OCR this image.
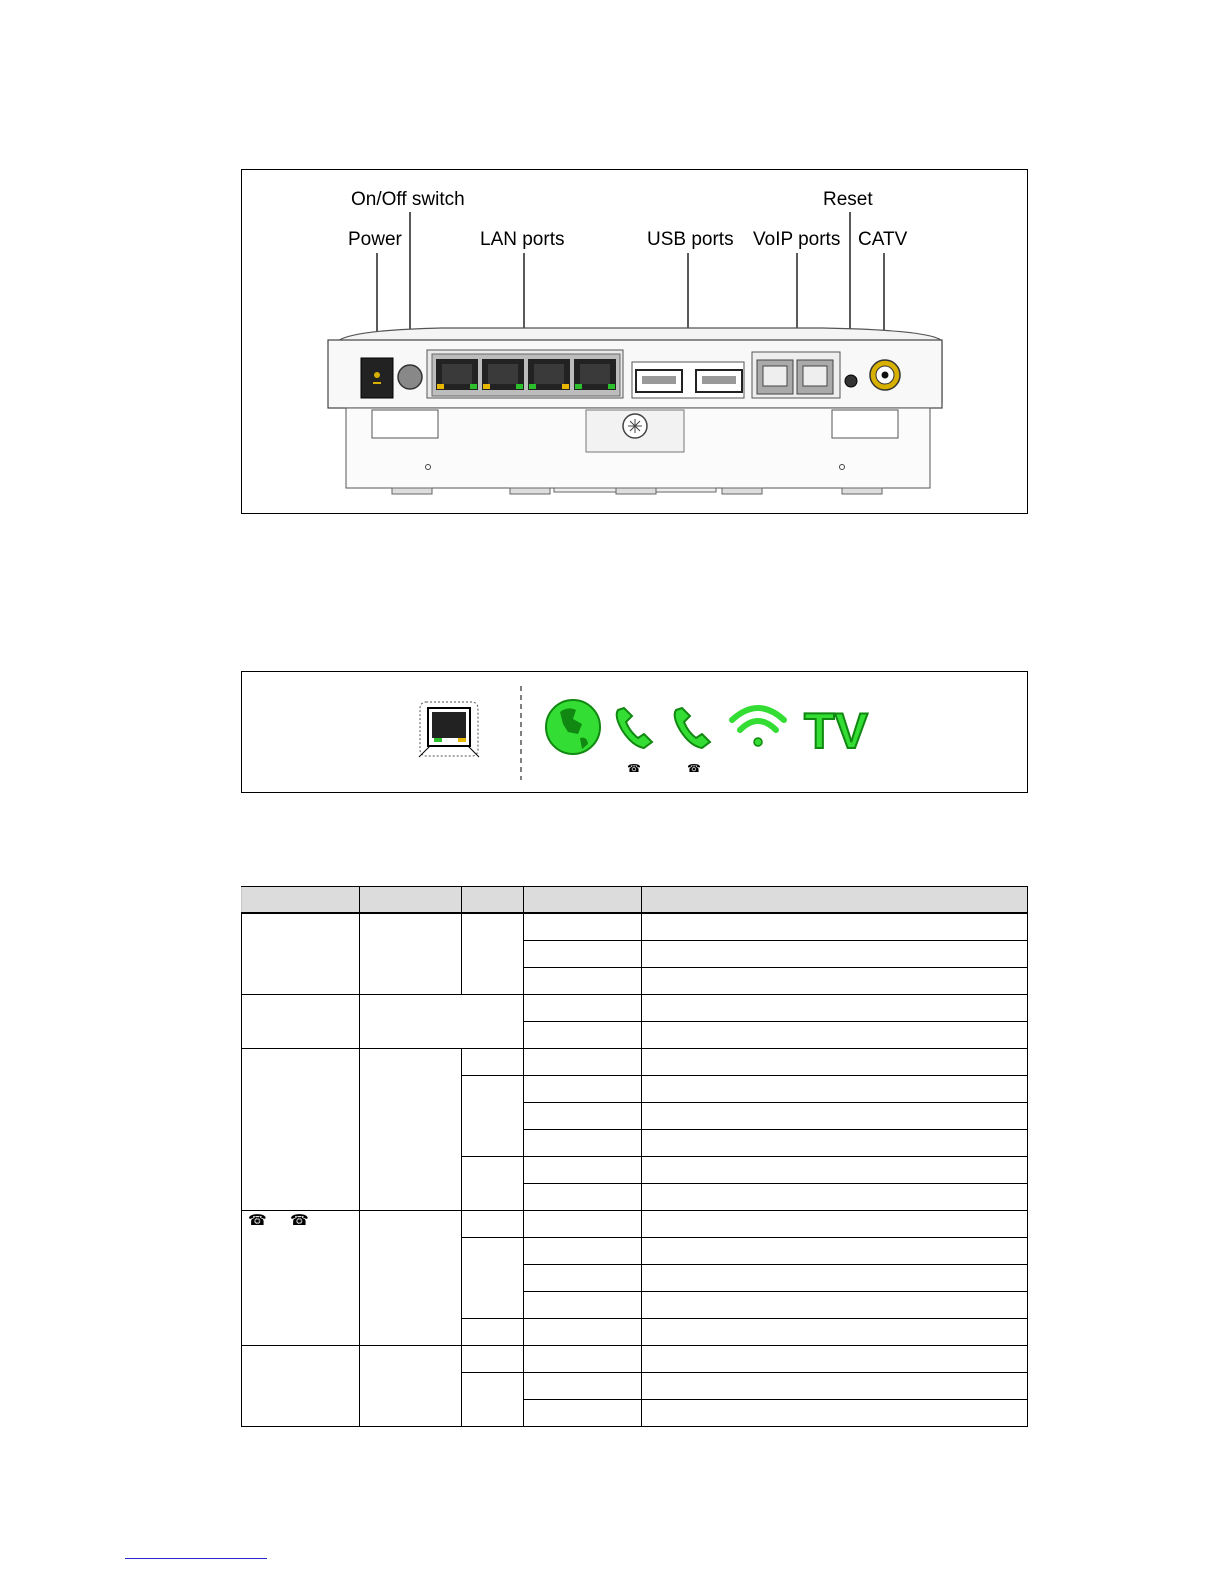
On/Off switch
Power	LAN ports	USB ports VoIP ports
Reset
CATV
☎	☎
TV

☎ ☎				
